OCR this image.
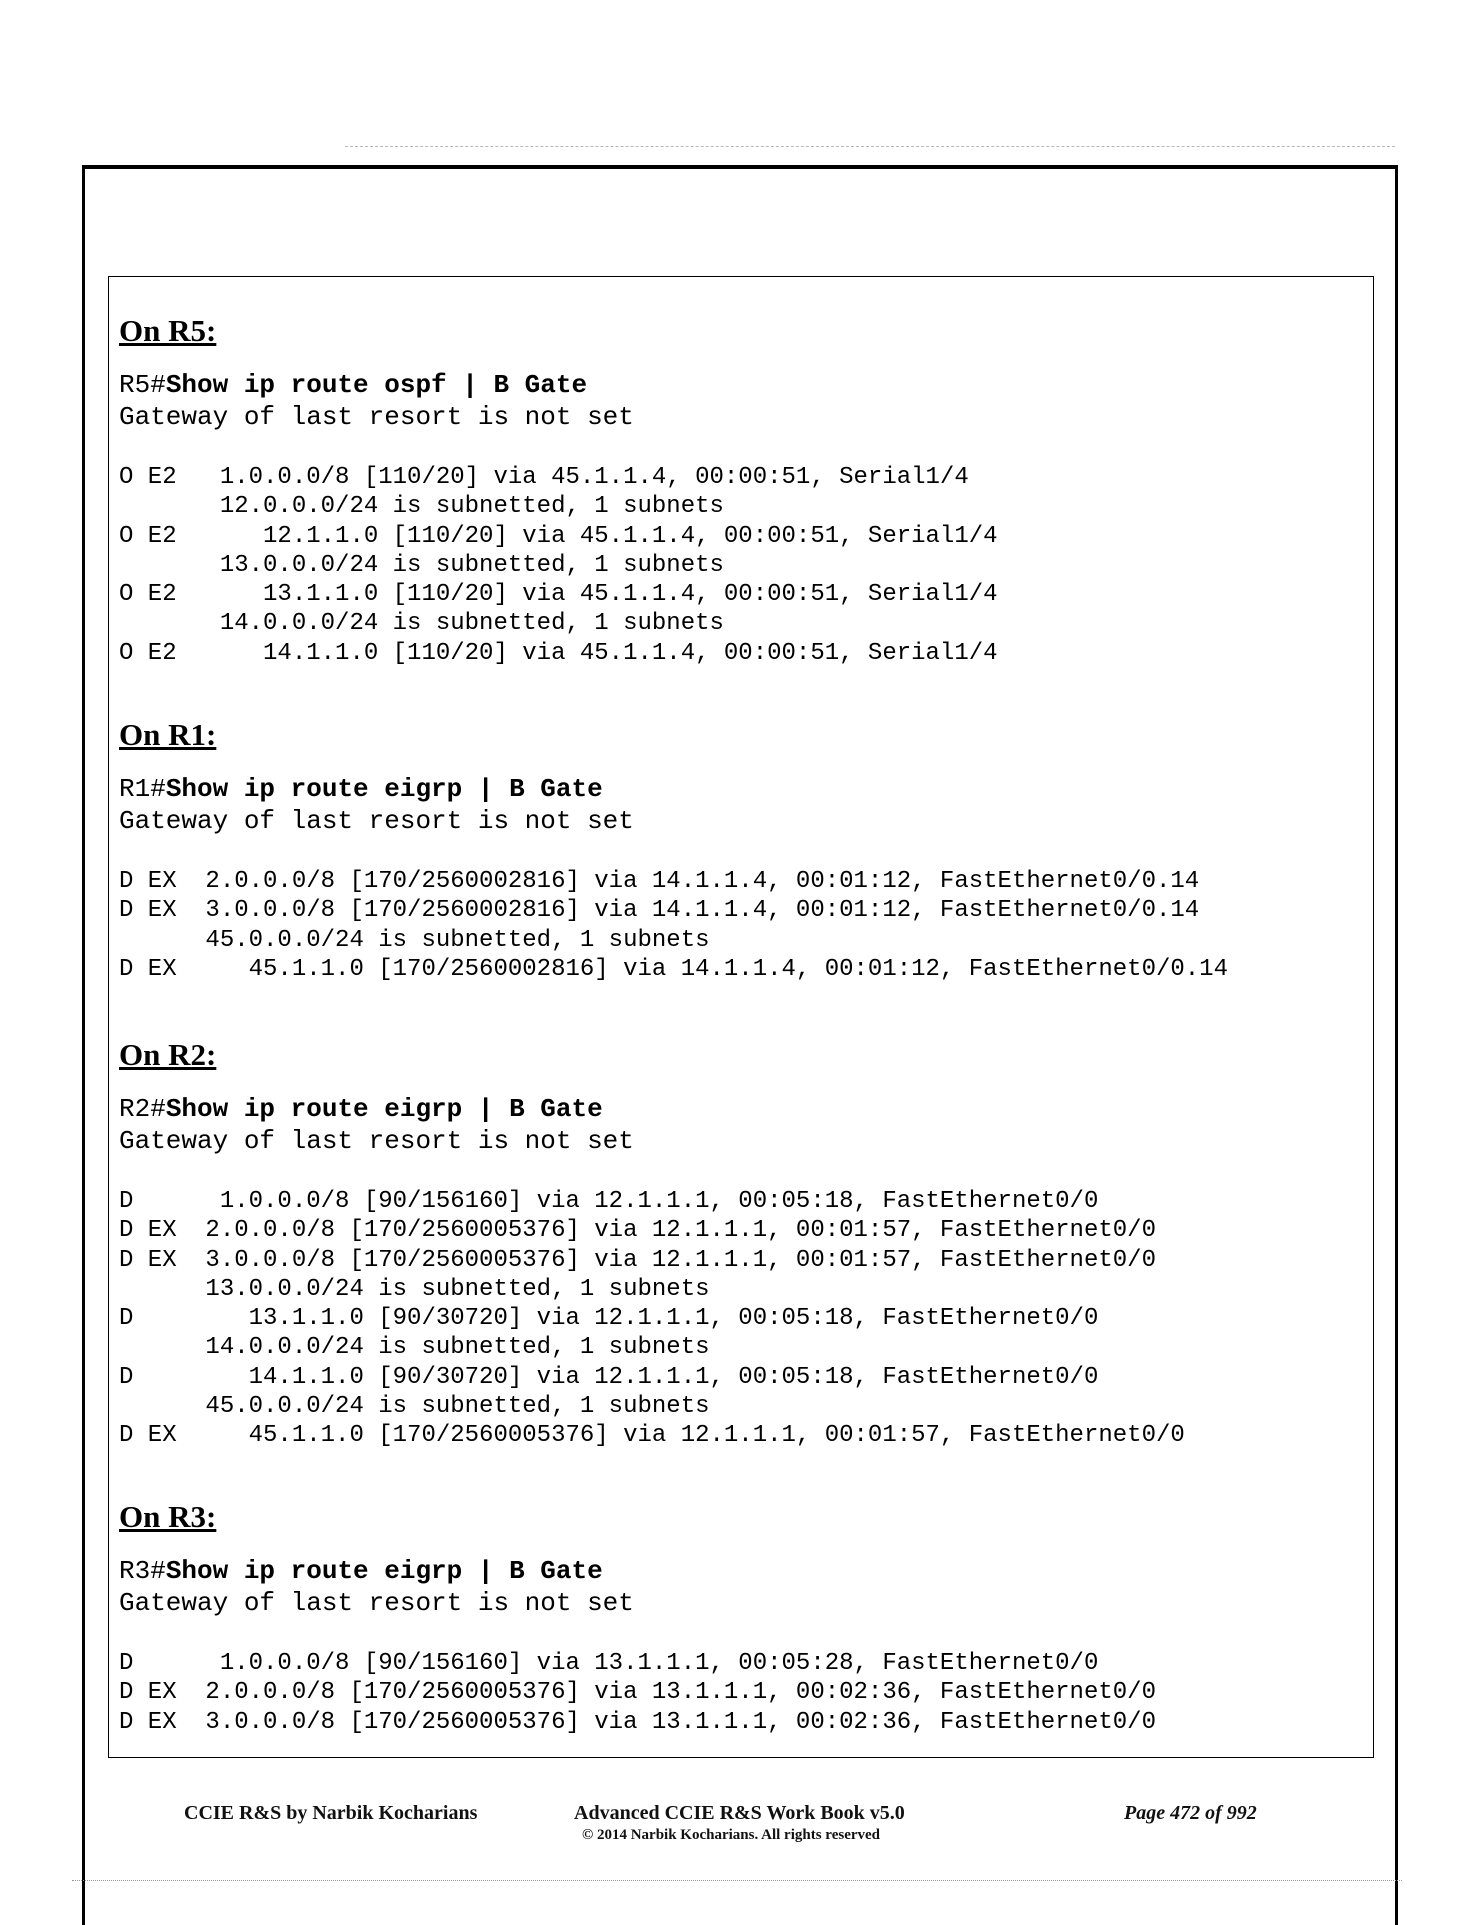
On R5:
R5#Show ip route ospf | B Gate
Gateway of last resort is not set
O E2   1.0.0.0/8 [110/20] via 45.1.1.4, 00:00:51, Serial1/4
12.0.0.0/24 is subnetted, 1 subnets
O E2      12.1.1.0 [110/20] via 45.1.1.4, 00:00:51, Serial1/4
13.0.0.0/24 is subnetted, 1 subnets
O E2      13.1.1.0 [110/20] via 45.1.1.4, 00:00:51, Serial1/4
14.0.0.0/24 is subnetted, 1 subnets
O E2      14.1.1.0 [110/20] via 45.1.1.4, 00:00:51, Serial1/4
On R1:
R1#Show ip route eigrp | B Gate
Gateway of last resort is not set
D EX  2.0.0.0/8 [170/2560002816] via 14.1.1.4, 00:01:12, FastEthernet0/0.14
D EX  3.0.0.0/8 [170/2560002816] via 14.1.1.4, 00:01:12, FastEthernet0/0.14
45.0.0.0/24 is subnetted, 1 subnets
D EX     45.1.1.0 [170/2560002816] via 14.1.1.4, 00:01:12, FastEthernet0/0.14
On R2:
R2#Show ip route eigrp | B Gate
Gateway of last resort is not set
D      1.0.0.0/8 [90/156160] via 12.1.1.1, 00:05:18, FastEthernet0/0
D EX  2.0.0.0/8 [170/2560005376] via 12.1.1.1, 00:01:57, FastEthernet0/0
D EX  3.0.0.0/8 [170/2560005376] via 12.1.1.1, 00:01:57, FastEthernet0/0
13.0.0.0/24 is subnetted, 1 subnets
D        13.1.1.0 [90/30720] via 12.1.1.1, 00:05:18, FastEthernet0/0
14.0.0.0/24 is subnetted, 1 subnets
D        14.1.1.0 [90/30720] via 12.1.1.1, 00:05:18, FastEthernet0/0
45.0.0.0/24 is subnetted, 1 subnets
D EX     45.1.1.0 [170/2560005376] via 12.1.1.1, 00:01:57, FastEthernet0/0
On R3:
R3#Show ip route eigrp | B Gate
Gateway of last resort is not set
D      1.0.0.0/8 [90/156160] via 13.1.1.1, 00:05:28, FastEthernet0/0
D EX  2.0.0.0/8 [170/2560005376] via 13.1.1.1, 00:02:36, FastEthernet0/0
D EX  3.0.0.0/8 [170/2560005376] via 13.1.1.1, 00:02:36, FastEthernet0/0
CCIE R&S by Narbik Kocharians	Advanced CCIE R&S Work Book v5.0
© 2014 Narbik Kocharians. All rights reserved
Page 472 of 992
